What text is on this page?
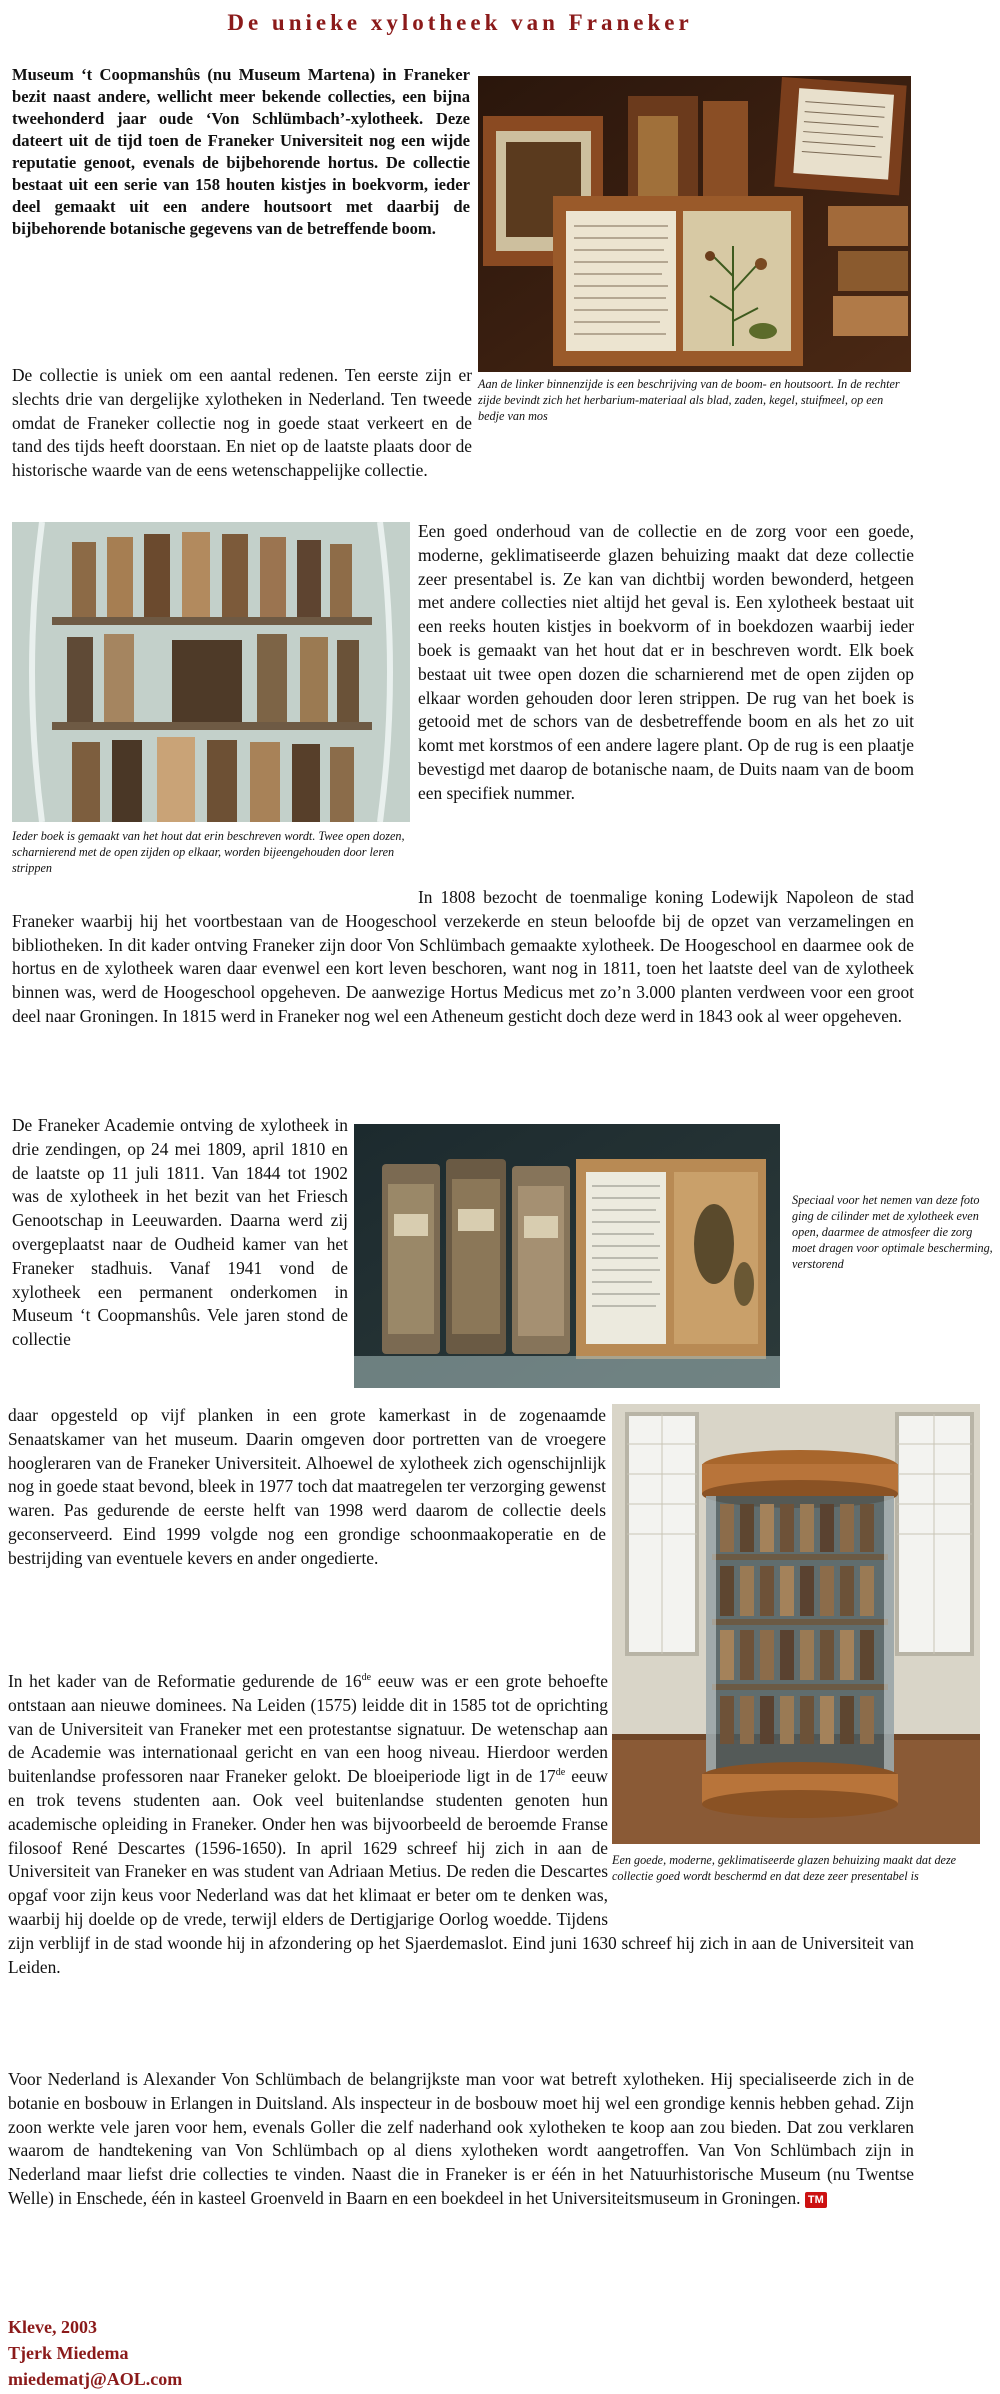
De unieke xylotheek van Franeker
Museum ‘t Coopmanshûs (nu Museum Martena) in Franeker bezit naast andere, wellicht meer bekende collecties, een bijna tweehonderd jaar oude ‘Von Schlümbach’-xylotheek. Deze dateert uit de tijd toen de Franeker Universiteit nog een wijde reputatie genoot, evenals de bijbehorende hortus. De collectie bestaat uit een serie van 158 houten kistjes in boekvorm, ieder deel gemaakt uit een andere houtsoort met daarbij de bijbehorende botanische gegevens van de betreffende boom.
Aan de linker binnenzijde is een beschrijving van de boom- en houtsoort. In de rechter zijde bevindt zich het herbarium-materiaal als blad, zaden, kegel, stuifmeel, op een bedje van mos
De collectie is uniek om een aantal redenen. Ten eerste zijn er slechts drie van dergelijke xylotheken in Nederland. Ten tweede omdat de Franeker collectie nog in goede staat verkeert en de tand des tijds heeft doorstaan. En niet op de laatste plaats door de historische waarde van de eens wetenschappelijke collectie.
Ieder boek is gemaakt van het hout dat erin beschreven wordt. Twee open dozen, scharnierend met de open zijden op elkaar, worden bijeengehouden door leren strippen
Een goed onderhoud van de collectie en de zorg voor een goede, moderne, geklimatiseerde glazen behuizing maakt dat deze collectie zeer presentabel is. Ze kan van dichtbij worden bewonderd, hetgeen met andere collecties niet altijd het geval is. Een xylotheek bestaat uit een reeks houten kistjes in boekvorm of in boekdozen waarbij ieder boek is gemaakt van het hout dat er in beschreven wordt. Elk boek bestaat uit twee open dozen die scharnierend met de open zijden op elkaar worden gehouden door leren strippen. De rug van het boek is getooid met de schors van de desbetreffende boom en als het zo uit komt met korstmos of een andere lagere plant. Op de rug is een plaatje bevestigd met daarop de botanische naam, de Duits naam van de boom een specifiek nummer.
In 1808 bezocht de toenmalige koning Lodewijk Napoleon de stad Franeker waarbij hij het voortbestaan van de Hoogeschool verzekerde en steun beloofde bij de opzet van verzamelingen en bibliotheken. In dit kader ontving Franeker zijn door Von Schlümbach gemaakte xylotheek. De Hoogeschool en daarmee ook de hortus en de xylotheek waren daar evenwel een kort leven beschoren, want nog in 1811, toen het laatste deel van de xylotheek binnen was, werd de Hoogeschool opgeheven. De aanwezige Hortus Medicus met zo’n 3.000 planten verdween voor een groot deel naar Groningen. In 1815 werd in Franeker nog wel een Atheneum gesticht doch deze werd in 1843 ook al weer opgeheven.
De Franeker Academie ontving de xylotheek in drie zendingen, op 24 mei 1809, april 1810 en de laatste op 11 juli 1811. Van 1844 tot 1902 was de xylotheek in het bezit van het Friesch Genootschap in Leeuwarden. Daarna werd zij overgeplaatst naar de Oudheid kamer van het Franeker stadhuis. Vanaf 1941 vond de xylotheek een permanent onderkomen in Museum ‘t Coopmanshûs. Vele jaren stond de collectie
Speciaal voor het nemen van deze foto ging de cilinder met de xylotheek even open, daarmee de atmosfeer die zorg moet dragen voor optimale bescherming, verstorend
Een goede, moderne, geklimatiseerde glazen behuizing maakt dat deze collectie goed wordt beschermd en dat deze zeer presentabel is
daar opgesteld op vijf planken in een grote kamerkast in de zogenaamde Senaatskamer van het museum. Daarin omgeven door portretten van de vroegere hoogleraren van de Franeker Universiteit. Alhoewel de xylotheek zich ogenschijnlijk nog in goede staat bevond, bleek in 1977 toch dat maatregelen ter verzorging gewenst waren. Pas gedurende de eerste helft van 1998 werd daarom de collectie deels geconserveerd. Eind 1999 volgde nog een grondige schoonmaakoperatie en de bestrijding van eventuele kevers en ander ongedierte.
In het kader van de Reformatie gedurende de 16de eeuw was er een grote behoefte ontstaan aan nieuwe dominees. Na Leiden (1575) leidde dit in 1585 tot de oprichting van de Universiteit van Franeker met een protestantse signatuur. De wetenschap aan de Academie was internationaal gericht en van een hoog niveau. Hierdoor werden buitenlandse professoren naar Franeker gelokt. De bloeiperiode ligt in de 17de eeuw en trok tevens studenten aan. Ook veel buitenlandse studenten genoten hun academische opleiding in Franeker. Onder hen was bijvoorbeeld de beroemde Franse filosoof René Descartes (1596-1650). In april 1629 schreef hij zich in aan de Universiteit van Franeker en was student van Adriaan Metius. De reden die Descartes opgaf voor zijn keus voor Nederland was dat het klimaat er beter om te denken was, waarbij hij doelde op de vrede, terwijl elders de Dertigjarige Oorlog woedde. Tijdens zijn verblijf in de stad woonde hij in afzondering op het Sjaerdemaslot. Eind juni 1630 schreef hij zich in aan de Universiteit van Leiden.
Voor Nederland is Alexander Von Schlümbach de belangrijkste man voor wat betreft xylotheken. Hij specialiseerde zich in de botanie en bosbouw in Erlangen in Duitsland. Als inspecteur in de bosbouw moet hij wel een grondige kennis hebben gehad. Zijn zoon werkte vele jaren voor hem, evenals Goller die zelf naderhand ook xylotheken te koop aan zou bieden. Dat zou verklaren waarom de handtekening van Von Schlümbach op al diens xylotheken wordt aangetroffen. Van Von Schlümbach zijn in Nederland maar liefst drie collecties te vinden. Naast die in Franeker is er één in het Natuurhistorische Museum (nu Twentse Welle) in Enschede, één in kasteel Groenveld in Baarn en een boekdeel in het Universiteitsmuseum in Groningen. TM
Kleve, 2003
Tjerk Miedema
miedematj@AOL.com
